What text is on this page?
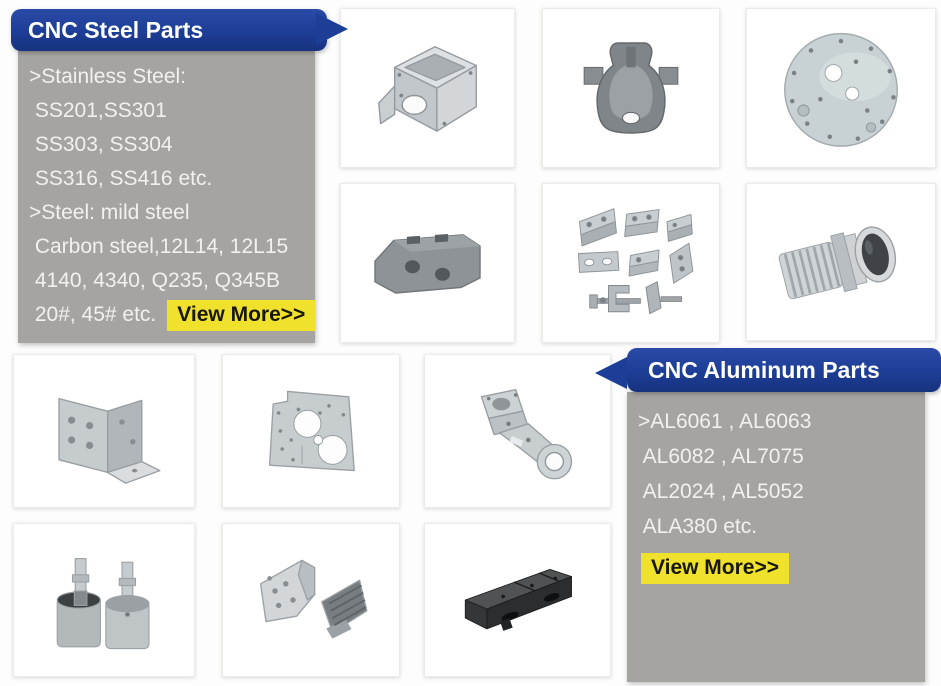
CNC Steel Parts
>Stainless Steel:
SS201,SS301
SS303, SS304
SS316, SS416 etc.
>Steel: mild steel
Carbon steel,12L14, 12L15
4140, 4340, Q235, Q345B
20#, 45# etc.	View More>>
CNC Aluminum Parts
>AL6061 , AL6063
AL6082 , AL7075
AL2024 , AL5052
ALA380 etc.
View More>>
